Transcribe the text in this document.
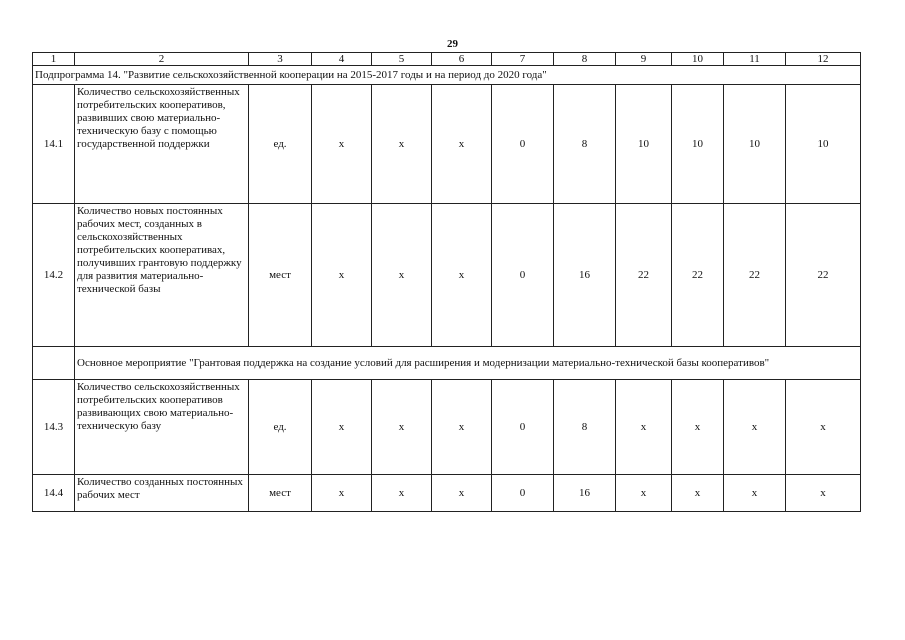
29
1	2	3	4	5	6	7	8	9	10	11	12
Подпрограмма 14. "Развитие сельскохозяйственной кооперации на 2015-2017 годы и на период до 2020 года"											
14.1	Количество сельскохозяйственных потребительских кооперативов, развивших свою материально-техническую базу с помощью государственной поддержки	ед.	x	x	x	0	8	10	10	10	10
14.2	Количество новых постоянных рабочих мест, созданных в сельскохозяйственных потребительских кооперативах, получивших грантовую поддержку для развития материально-технической базы	мест	x	x	x	0	16	22	22	22	22
	Основное мероприятие "Грантовая поддержка на создание условий для расширения и модернизации материально-технической базы кооперативов"										
14.3	Количество сельскохозяйственных потребительских кооперативов развивающих свою материально-техническую базу	ед.	x	x	x	0	8	x	x	x	x
14.4	Количество созданных постоянных рабочих мест	мест	x	x	x	0	16	x	x	x	x
